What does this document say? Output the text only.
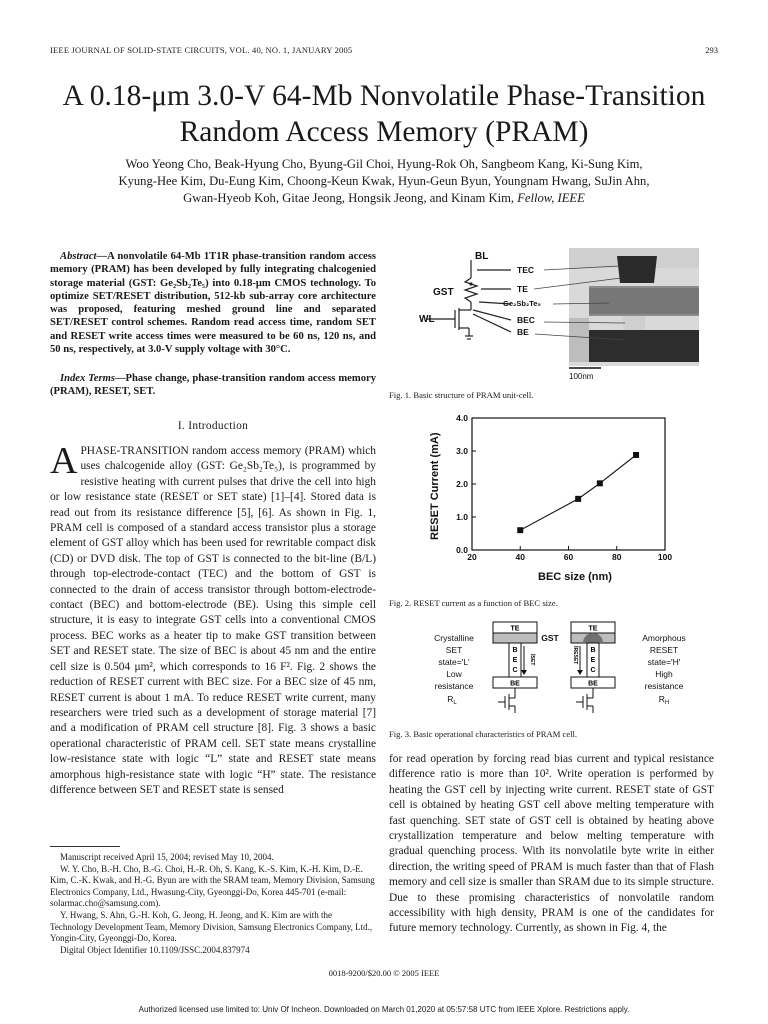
IEEE JOURNAL OF SOLID-STATE CIRCUITS, VOL. 40, NO. 1, JANUARY 2005	293
A 0.18-μm 3.0-V 64-Mb Nonvolatile Phase-Transition
Random Access Memory (PRAM)
Woo Yeong Cho, Beak-Hyung Cho, Byung-Gil Choi, Hyung-Rok Oh, Sangbeom Kang, Ki-Sung Kim,
Kyung-Hee Kim, Du-Eung Kim, Choong-Keun Kwak, Hyun-Geun Byun, Youngnam Hwang, SuJin Ahn,
Gwan-Hyeob Koh, Gitae Jeong, Hongsik Jeong, and Kinam Kim, Fellow, IEEE
Abstract—A nonvolatile 64-Mb 1T1R phase-transition random access memory (PRAM) has been developed by fully integrating chalcogenied storage material (GST: Ge₂Sb₂Te₅) into 0.18-μm CMOS technology. To optimize SET/RESET distribution, 512-kb sub-array core architecture was proposed, featuring meshed ground line and separated SET/RESET control schemes. Random read access time, random SET and RESET write access times were measured to be 60 ns, 120 ns, and 50 ns, respectively, at 3.0-V supply voltage with 30°C.
Index Terms—Phase change, phase-transition random access memory (PRAM), RESET, SET.
I. Introduction
APHASE-TRANSITION random access memory (PRAM) which uses chalcogenide alloy (GST: Ge₂Sb₂Te₅), is programmed by resistive heating with current pulses that drive the cell into high or low resistance state (RESET or SET state) [1]–[4]. Stored data is read out from its resistance difference [5], [6]. As shown in Fig. 1, PRAM cell is composed of a standard access transistor plus a storage element of GST alloy which has been used for rewritable compact disk (CD) or DVD disk. The top of GST is connected to the bit-line (B/L) through top-electrode-contact (TEC) and the bottom of GST is connected to the drain of access transistor through bottom-electrode-contact (BEC) and bottom-electrode (BE). Using this simple cell structure, it is easy to integrate GST cells into a conventional CMOS process. BEC works as a heater tip to make GST transition between SET and RESET state. The size of BEC is about 45 nm and the entire cell size is 0.504 μm², which corresponds to 16 F². Fig. 2 shows the reduction of RESET current with BEC size. For a BEC size of 45 nm, RESET current is about 1 mA. To reduce RESET write current, many researchers were tried such as a development of storage material [7] and a modification of PRAM cell structure [8]. Fig. 3 shows a basic operational characteristic of PRAM cell. SET state means crystalline low-resistance state with logic “L” state and RESET state means amorphous high-resistance state with logic “H” state. The resistance difference between SET and RESET state is sensed

Manuscript received April 15, 2004; revised May 10, 2004.

W. Y. Cho, B.-H. Cho, B.-G. Choi, H.-R. Oh, S. Kang, K.-S. Kim, K.-H. Kim, D.-E. Kim, C.-K. Kwak, and H.-G. Byun are with the SRAM team, Memory Division, Samsung Electronics Company, Ltd., Hwasung-City, Gyeonggi-Do, Korea 445-701 (e-mail: solarmac.cho@samsung.com).

Y. Hwang, S. Ahn, G.-H. Koh, G. Jeong, H. Jeong, and K. Kim are with the Technology Development Team, Memory Division, Samsung Electronics Company, Ltd., Yongin-City, Gyeonggi-Do, Korea.

Digital Object Identifier 10.1109/JSSC.2004.837974

BL
GST
WL
TEC
TE
Ge₂Sb₂Te₅
BEC
BE
100nm
Fig. 1. Basic structure of PRAM unit-cell.
RESET Current (mA)
BEC size (nm)
20	40	60	80	100
0.0
1.0
2.0
3.0
4.0
Fig. 2. RESET current as a function of BEC size.
Crystalline
SET
state='L'
Low
resistance
$R_L$
Amorphous
RESET
state='H'
High
resistance
$R_H$
GST
TE
B
E
C
BE
ISET
TE
B
E
C
BE
IRESET
Fig. 3. Basic operational characteristics of PRAM cell.
for read operation by forcing read bias current and typical resistance difference ratio is more than 10². Write operation is performed by heating the GST cell by injecting write current. RESET state of GST cell is obtained by heating GST cell above melting temperature with fast quenching. SET state of GST cell is obtained by heating above crystallization temperature and below melting temperature with gradual quenching process. With its nonvolatile byte write in either direction, the writing speed of PRAM is much faster than that of Flash memory and cell size is smaller than SRAM due to its simple structure. Due to these promising characteristics of nonvolatile random accessibility with high density, PRAM is one of the candidates for future memory technology. Currently, as shown in Fig. 4, the
0018-9200/$20.00 © 2005 IEEE
Authorized licensed use limited to: Univ Of Incheon. Downloaded on March 01,2020 at 05:57:58 UTC from IEEE Xplore. Restrictions apply.
